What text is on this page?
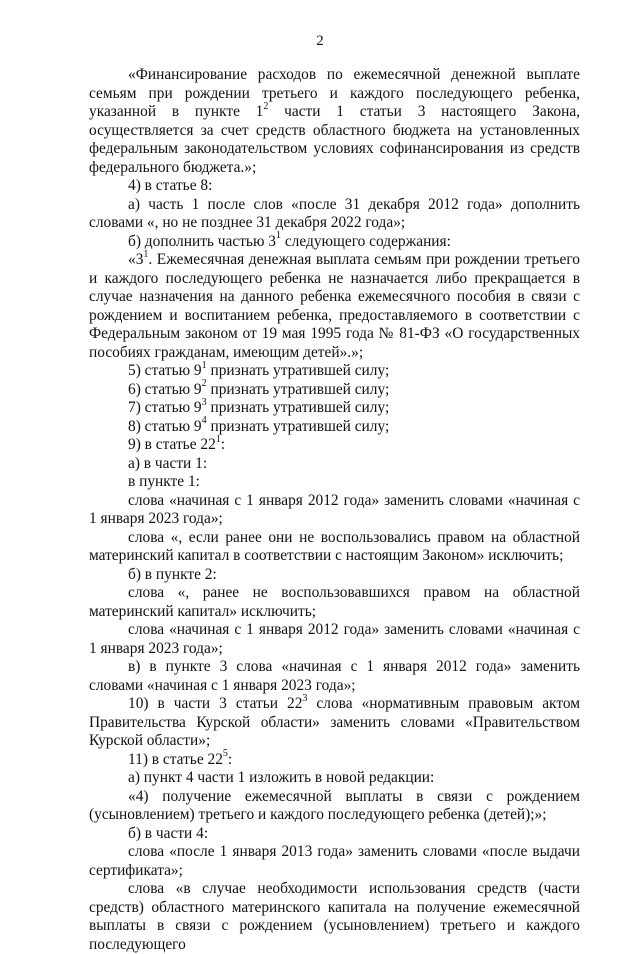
2

«Финансирование расходов по ежемесячной денежной выплате семьям при рождении третьего и каждого последующего ребенка, указанной в пункте $1^2$ части 1 статьи 3 настоящего Закона, осуществляется за счет средств областного бюджета на установленных федеральным законодательством условиях софинансирования из средств федерального бюджета.»;

4) в статье 8:

а) часть 1 после слов «после 31 декабря 2012 года» дополнить словами «, но не позднее 31 декабря 2022 года»;

б) дополнить частью $3^1$ следующего содержания:

«$3^1$. Ежемесячная денежная выплата семьям при рождении третьего и каждого последующего ребенка не назначается либо прекращается в случае назначения на данного ребенка ежемесячного пособия в связи с рождением и воспитанием ребенка, предоставляемого в соответствии с Федеральным законом от 19 мая 1995 года № 81-ФЗ «О государственных пособиях гражданам, имеющим детей».»;

5) статью $9^1$ признать утратившей силу;

6) статью $9^2$ признать утратившей силу;

7) статью $9^3$ признать утратившей силу;

8) статью $9^4$ признать утратившей силу;

9) в статье $22^1$:

а) в части 1:

в пункте 1:

слова «начиная с 1 января 2012 года» заменить словами «начиная с 1 января 2023 года»;

слова «, если ранее они не воспользовались правом на областной материнский капитал в соответствии с настоящим Законом» исключить;

б) в пункте 2:

слова «, ранее не воспользовавшихся правом на областной материнский капитал» исключить;

слова «начиная с 1 января 2012 года» заменить словами «начиная с 1 января 2023 года»;

в) в пункте 3 слова «начиная с 1 января 2012 года» заменить словами «начиная с 1 января 2023 года»;

10) в части 3 статьи $22^3$ слова «нормативным правовым актом Правительства Курской области» заменить словами «Правительством Курской области»;

11) в статье $22^5$:

а) пункт 4 части 1 изложить в новой редакции:

«4) получение ежемесячной выплаты в связи с рождением (усыновлением) третьего и каждого последующего ребенка (детей);»;

б) в части 4:

слова «после 1 января 2013 года» заменить словами «после выдачи сертификата»;

слова «в случае необходимости использования средств (части средств) областного материнского капитала на получение ежемесячной выплаты в связи с рождением (усыновлением) третьего и каждого последующего
